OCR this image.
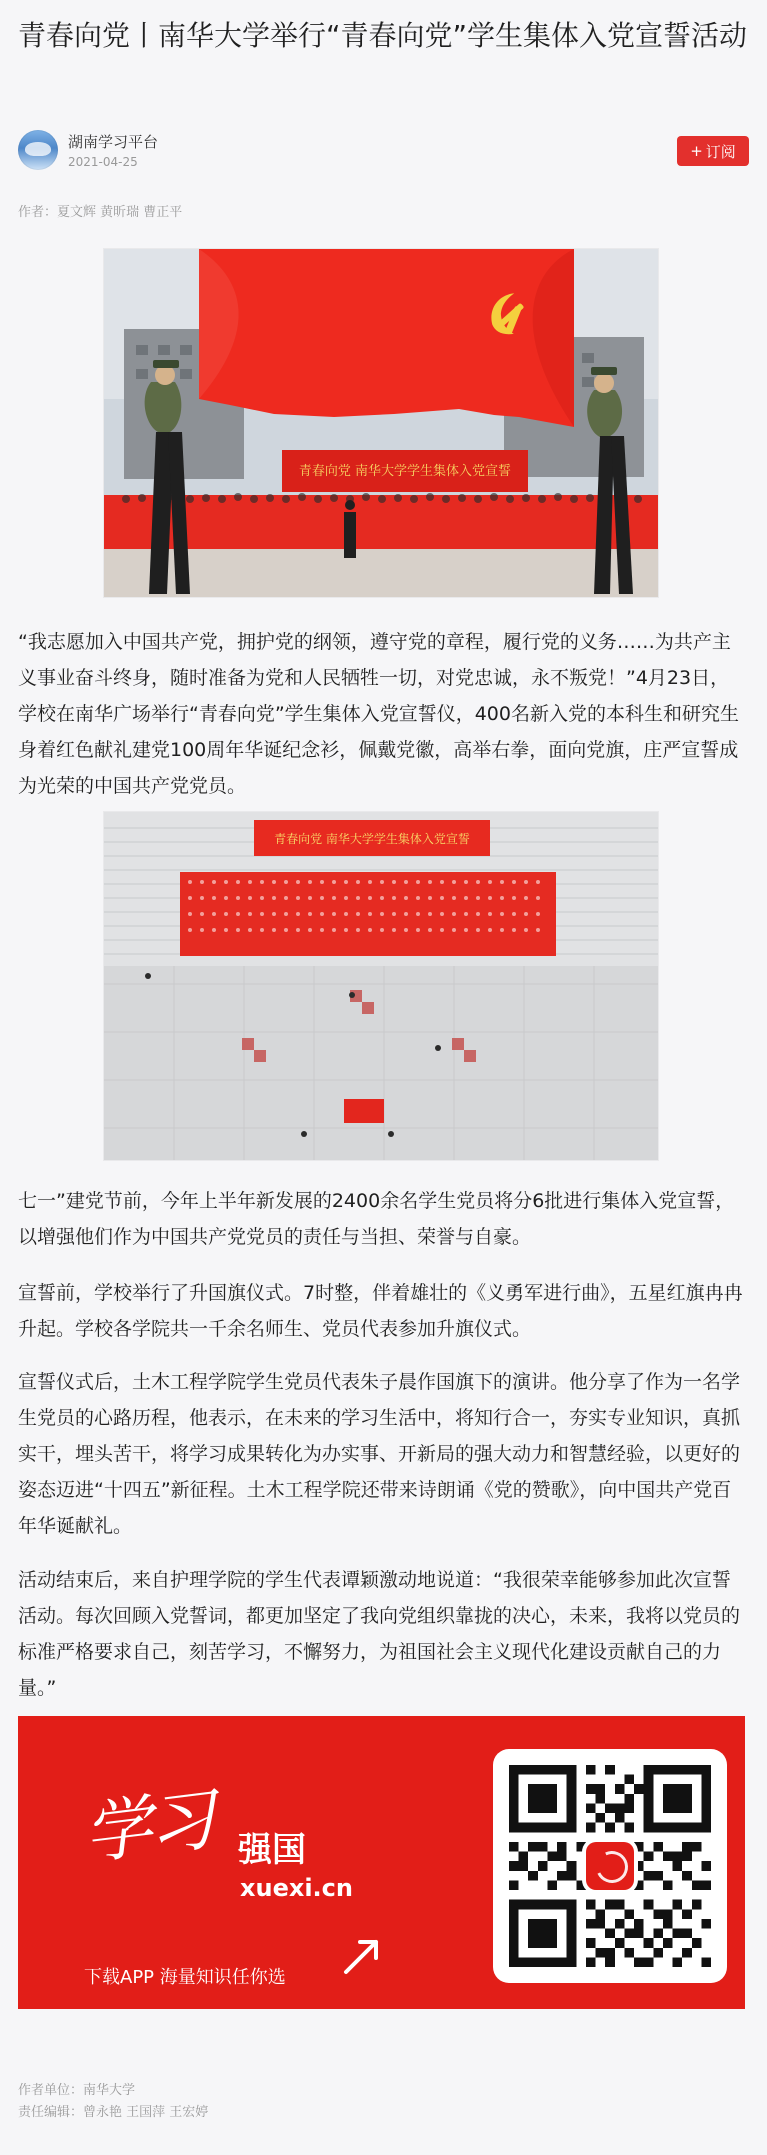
青春向党丨南华大学举行“青春向党”学生集体入党宣誓活动
湖南学习平台
2021-04-25
+ 订阅
作者：夏文辉 黄昕瑞 曹正平
青春向党 南华大学学生集体入党宣誓

“我志愿加入中国共产党，拥护党的纲领，遵守党的章程，履行党的义务……为共产主义事业奋斗终身，随时准备为党和人民牺牲一切，对党忠诚，永不叛党！”4月23日，学校在南华广场举行“青春向党”学生集体入党宣誓仪，400名新入党的本科生和研究生身着红色献礼建党100周年华诞纪念衫，佩戴党徽，高举右拳，面向党旗，庄严宣誓成为光荣的中国共产党党员。

青春向党 南华大学学生集体入党宣誓

七一”建党节前，今年上半年新发展的2400余名学生党员将分6批进行集体入党宣誓，以增强他们作为中国共产党党员的责任与当担、荣誉与自豪。

宣誓前，学校举行了升国旗仪式。7时整，伴着雄壮的《义勇军进行曲》，五星红旗冉冉升起。学校各学院共一千余名师生、党员代表参加升旗仪式。

宣誓仪式后，土木工程学院学生党员代表朱子晨作国旗下的演讲。他分享了作为一名学生党员的心路历程，他表示，在未来的学习生活中，将知行合一，夯实专业知识，真抓实干，埋头苦干，将学习成果转化为办实事、开新局的强大动力和智慧经验，以更好的姿态迈进“十四五”新征程。土木工程学院还带来诗朗诵《党的赞歌》，向中国共产党百年华诞献礼。

活动结束后，来自护理学院的学生代表谭颖激动地说道：“我很荣幸能够参加此次宣誓活动。每次回顾入党誓词，都更加坚定了我向党组织靠拢的决心，未来，我将以党员的标准严格要求自己，刻苦学习，不懈努力，为祖国社会主义现代化建设贡献自己的力量。”

学习 强国
xuexi.cn
下载APP 海量知识任你选
作者单位：南华大学
责任编辑：曾永艳 王国萍 王宏婷
